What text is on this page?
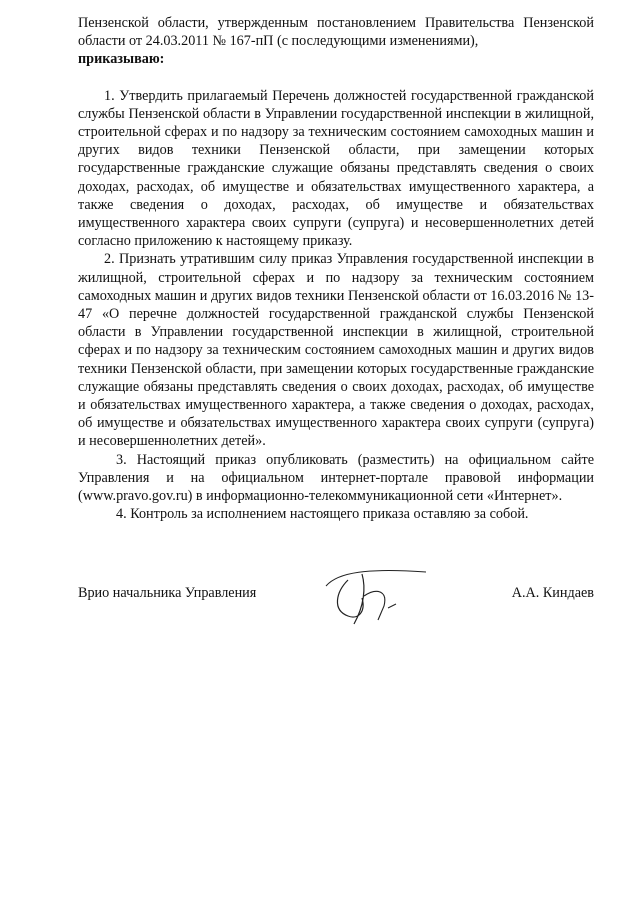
Пензенской области, утвержденным постановлением Правительства Пензенской области от 24.03.2011 № 167-пП (с последующими изменениями),
приказываю:

1. Утвердить прилагаемый Перечень должностей государственной гражданской службы Пензенской области в Управлении государственной инспекции в жилищной, строительной сферах и по надзору за техническим состоянием самоходных машин и других видов техники Пензенской области, при замещении которых государственные гражданские служащие обязаны представлять сведения о своих доходах, расходах, об имуществе и обязательствах имущественного характера, а также сведения о доходах, расходах, об имуществе и обязательствах имущественного характера своих супруги (супруга) и несовершеннолетних детей согласно приложению к настоящему приказу.

2. Признать утратившим силу приказ Управления государственной инспекции в жилищной, строительной сферах и по надзору за техническим состоянием самоходных машин и других видов техники Пензенской области от 16.03.2016 № 13-47 «О перечне должностей государственной гражданской службы Пензенской области в Управлении государственной инспекции в жилищной, строительной сферах и по надзору за техническим состоянием самоходных машин и других видов техники Пензенской области, при замещении которых государственные гражданские служащие обязаны представлять сведения о своих доходах, расходах, об имуществе и обязательствах имущественного характера, а также сведения о доходах, расходах, об имуществе и обязательствах имущественного характера своих супруги (супруга) и несовершеннолетних детей».

3. Настоящий приказ опубликовать (разместить) на официальном сайте Управления и на официальном интернет-портале правовой информации (www.pravo.gov.ru) в информационно-телекоммуникационной сети «Интернет».

4. Контроль за исполнением настоящего приказа оставляю за собой.

Врио начальника Управления	А.А. Киндаев
